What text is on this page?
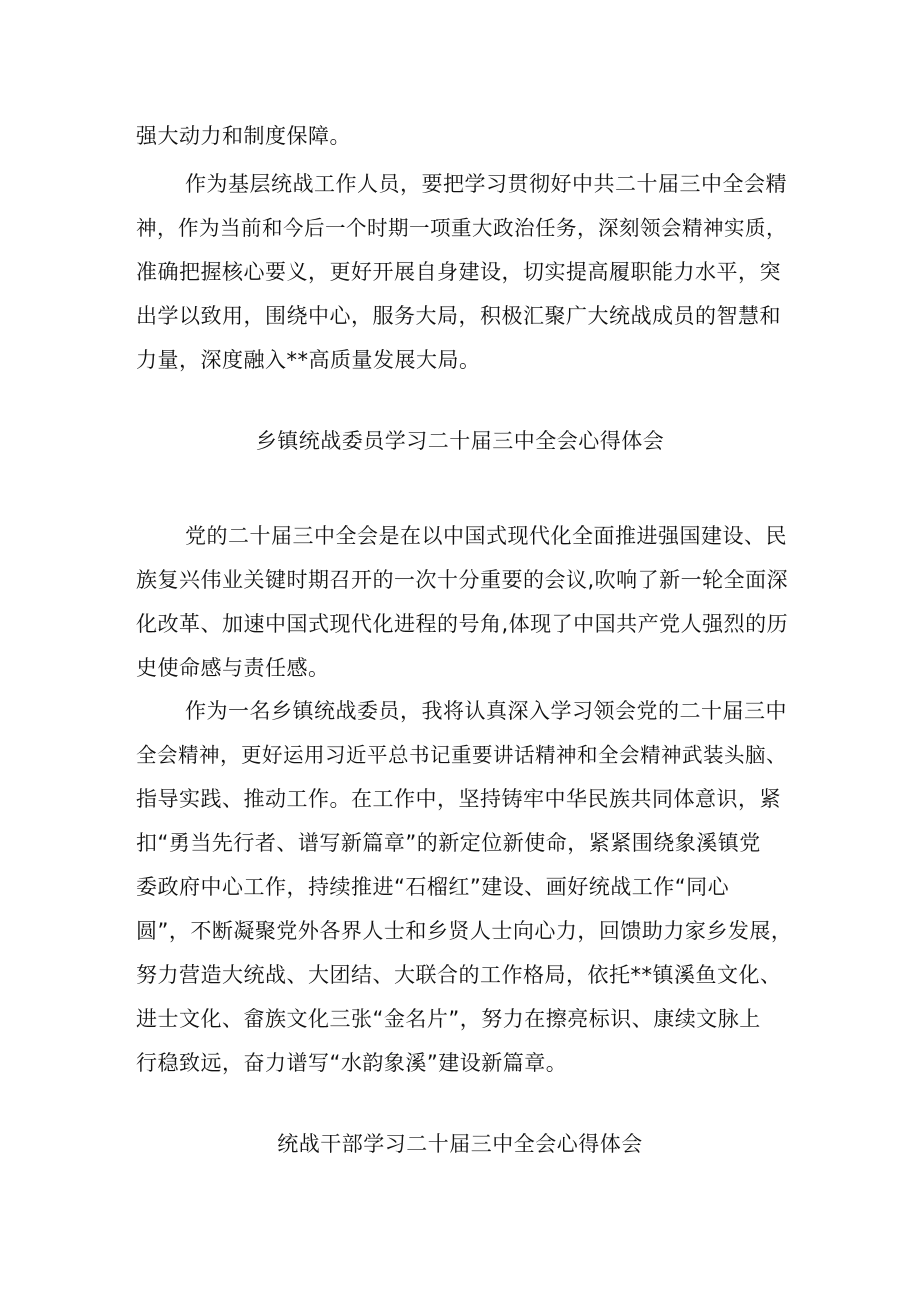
强大动力和制度保障。
作为基层统战工作人员，要把学习贯彻好中共二十届三中全会精
神，作为当前和今后一个时期一项重大政治任务，深刻领会精神实质，
准确把握核心要义，更好开展自身建设，切实提高履职能力水平，突
出学以致用，围绕中心，服务大局，积极汇聚广大统战成员的智慧和
力量，深度融入**高质量发展大局。
乡镇统战委员学习二十届三中全会心得体会
党的二十届三中全会是在以中国式现代化全面推进强国建设、民
族复兴伟业关键时期召开的一次十分重要的会议,吹响了新一轮全面深
化改革、加速中国式现代化进程的号角,体现了中国共产党人强烈的历
史使命感与责任感。
作为一名乡镇统战委员，我将认真深入学习领会党的二十届三中
全会精神，更好运用习近平总书记重要讲话精神和全会精神武装头脑、
指导实践、推动工作。在工作中，坚持铸牢中华民族共同体意识，紧
扣“勇当先行者、谱写新篇章”的新定位新使命，紧紧围绕象溪镇党
委政府中心工作，持续推进“石榴红”建设、画好统战工作“同心
圆”，不断凝聚党外各界人士和乡贤人士向心力，回馈助力家乡发展，
努力营造大统战、大团结、大联合的工作格局，依托**镇溪鱼文化、
进士文化、畲族文化三张“金名片”，努力在擦亮标识、康续文脉上
行稳致远，奋力谱写“水韵象溪”建设新篇章。
统战干部学习二十届三中全会心得体会
